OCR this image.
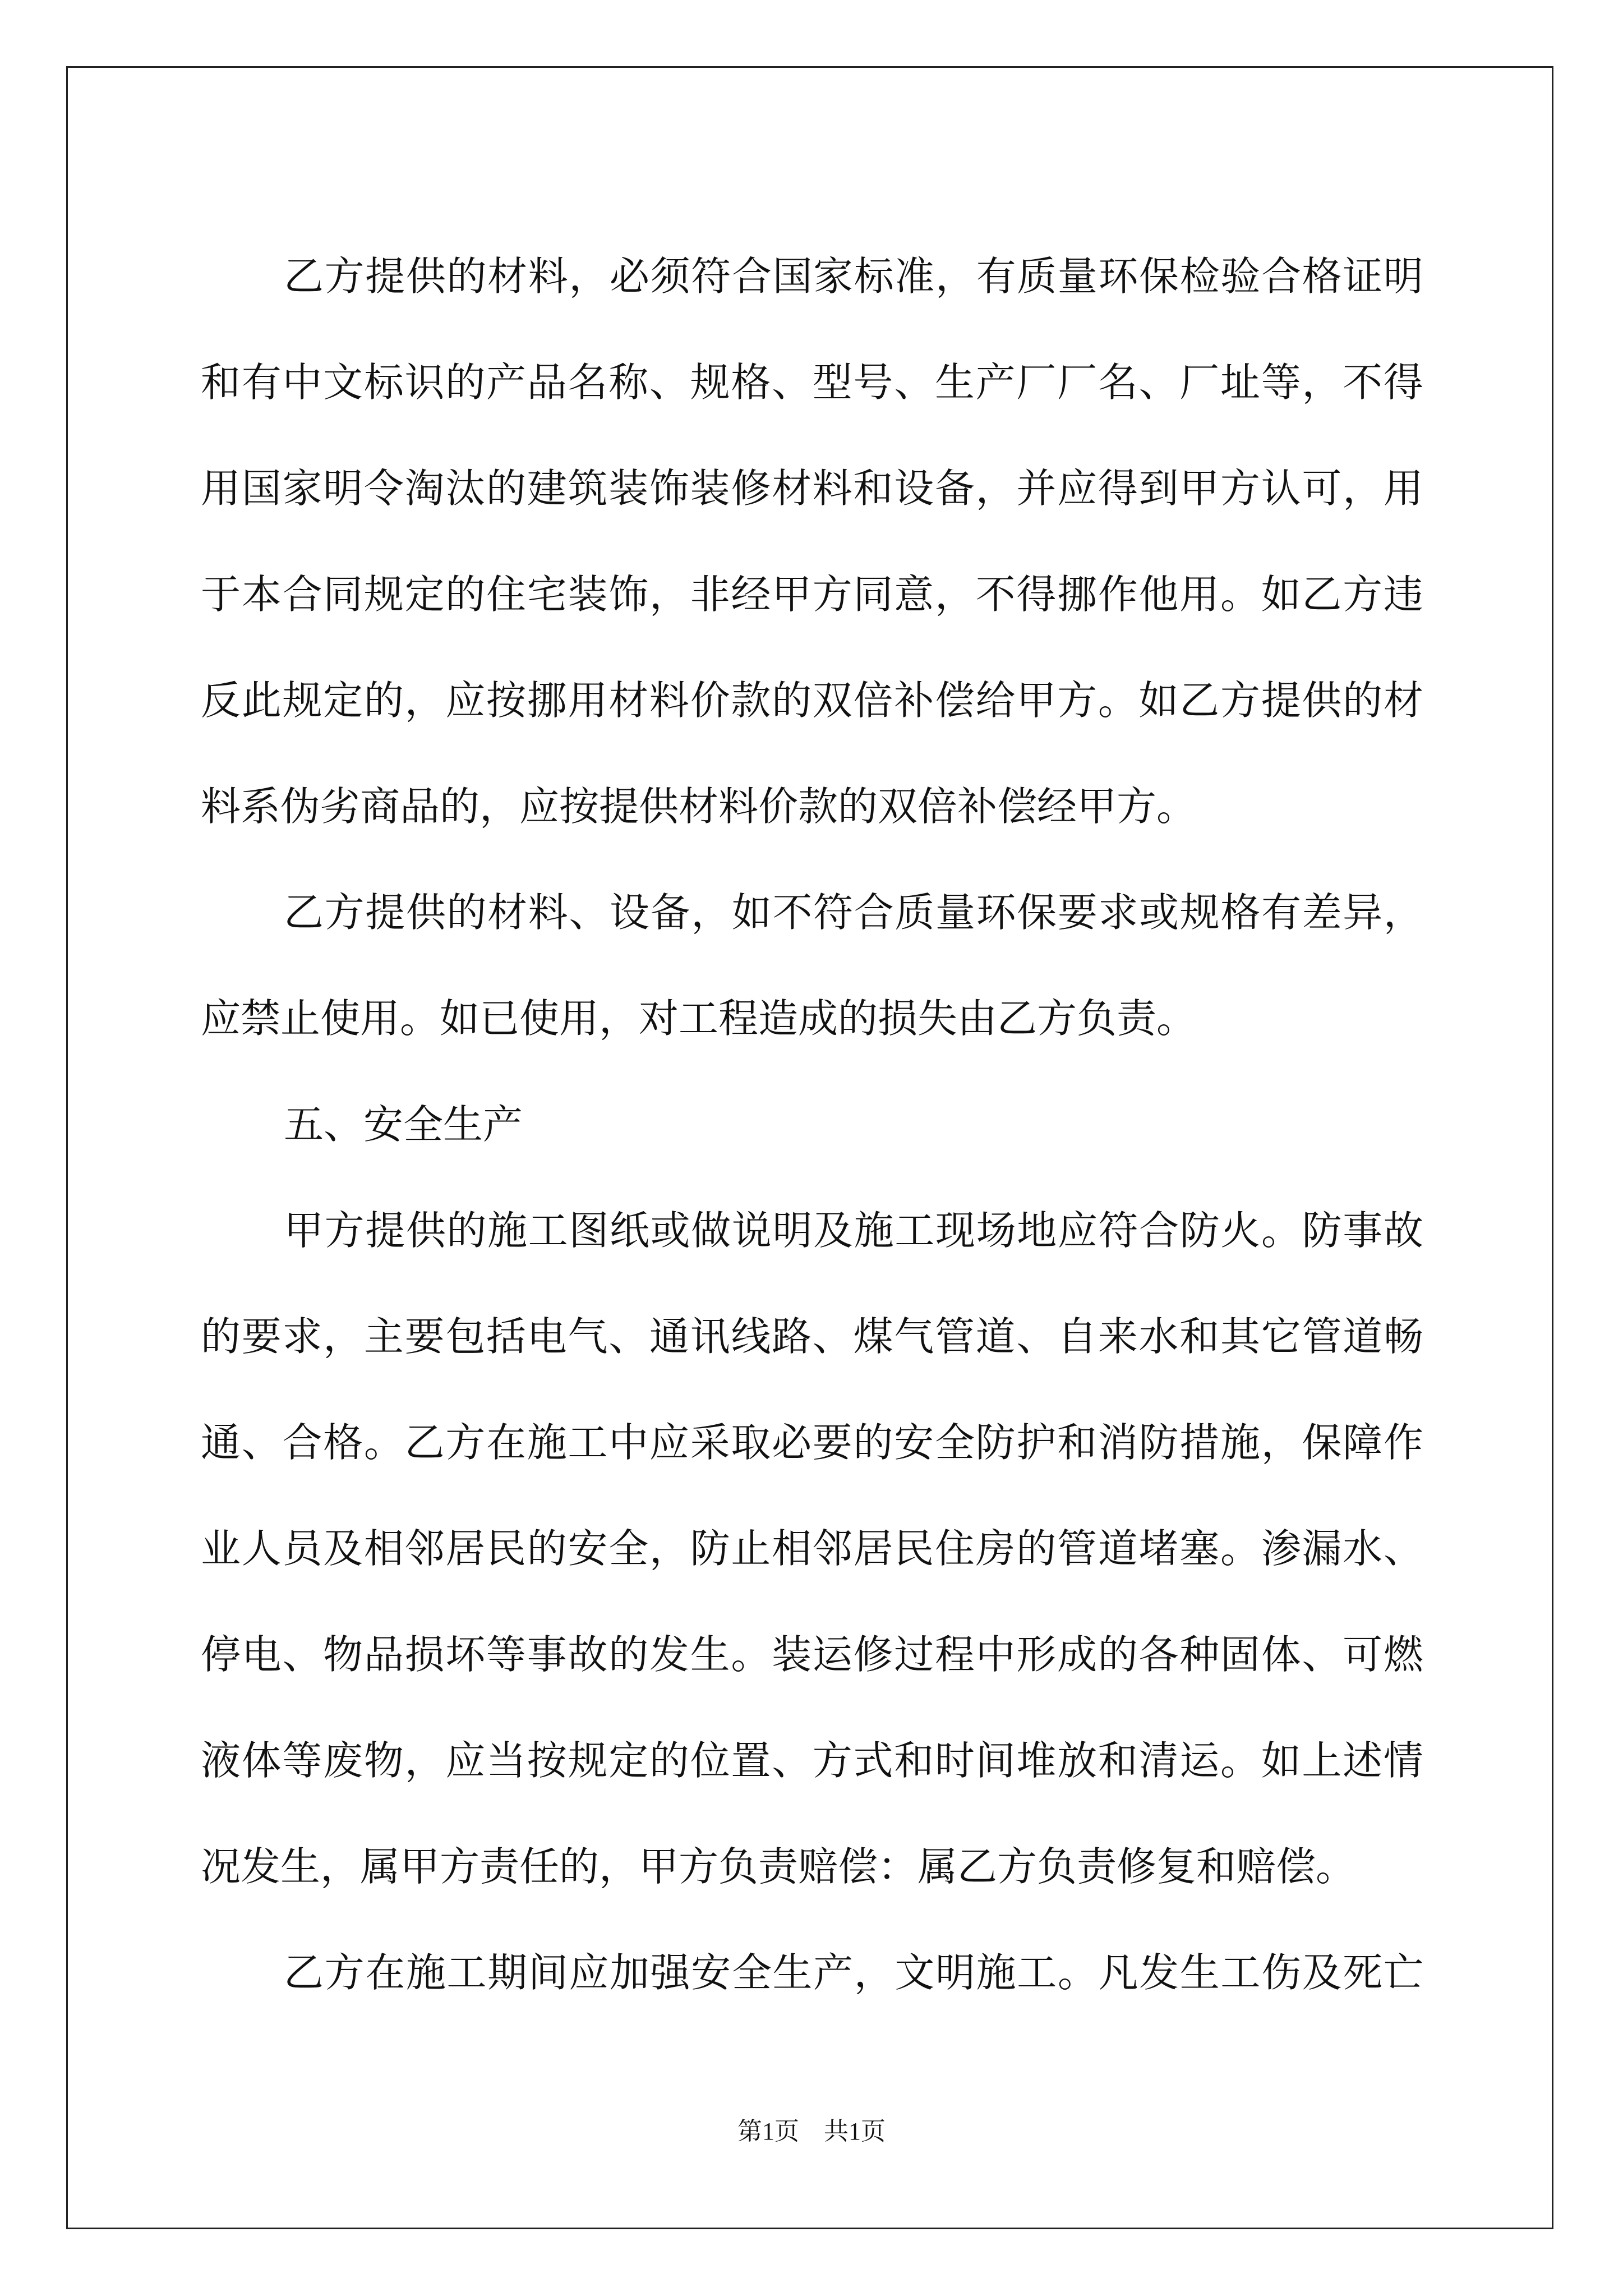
乙 方 提 供 的 材 料 ， 必 须 符 合 国 家 标 准 ， 有 质 量 环 保 检 验 合 格 证 明
和 有 中 文 标 识 的 产 品 名 称 、 规 格 、 型 号 、 生 产 厂 厂 名 、 厂 址 等 ， 不 得
用 国 家 明 令 淘 汰 的 建 筑 装 饰 装 修 材 料 和 设 备 ， 并 应 得 到 甲 方 认 可 ， 用
于 本 合 同 规 定 的 住 宅 装 饰 ， 非 经 甲 方 同 意 ， 不 得 挪 作 他 用 。 如 乙 方 违
反 此 规 定 的 ， 应 按 挪 用 材 料 价 款 的 双 倍 补 偿 给 甲 方 。 如 乙 方 提 供 的 材
料系伪劣商品的，应按提供材料价款的双倍补偿经甲方。
乙 方 提 供 的 材 料 、 设 备 ， 如 不 符 合 质 量 环 保 要 求 或 规 格 有 差 异 ，
应禁止使用。如已使用，对工程造成的损失由乙方负责。
五、安全生产
甲 方 提 供 的 施 工 图 纸 或 做 说 明 及 施 工 现 场 地 应 符 合 防 火 。 防 事 故
的 要 求 ， 主 要 包 括 电 气 、 通 讯 线 路 、 煤 气 管 道 、 自 来 水 和 其 它 管 道 畅
通 、 合 格 。 乙 方 在 施 工 中 应 采 取 必 要 的 安 全 防 护 和 消 防 措 施 ， 保 障 作
业 人 员 及 相 邻 居 民 的 安 全 ， 防 止 相 邻 居 民 住 房 的 管 道 堵 塞 。 渗 漏 水 、
停 电 、 物 品 损 坏 等 事 故 的 发 生 。 装 运 修 过 程 中 形 成 的 各 种 固 体 、 可 燃
液 体 等 废 物 ， 应 当 按 规 定 的 位 置 、 方 式 和 时 间 堆 放 和 清 运 。 如 上 述 情
况发生，属甲方责任的，甲方负责赔偿：属乙方负责修复和赔偿。
乙 方 在 施 工 期 间 应 加 强 安 全 生 产 ， 文 明 施 工 。 凡 发 生 工 伤 及 死 亡
第1页　共1页
